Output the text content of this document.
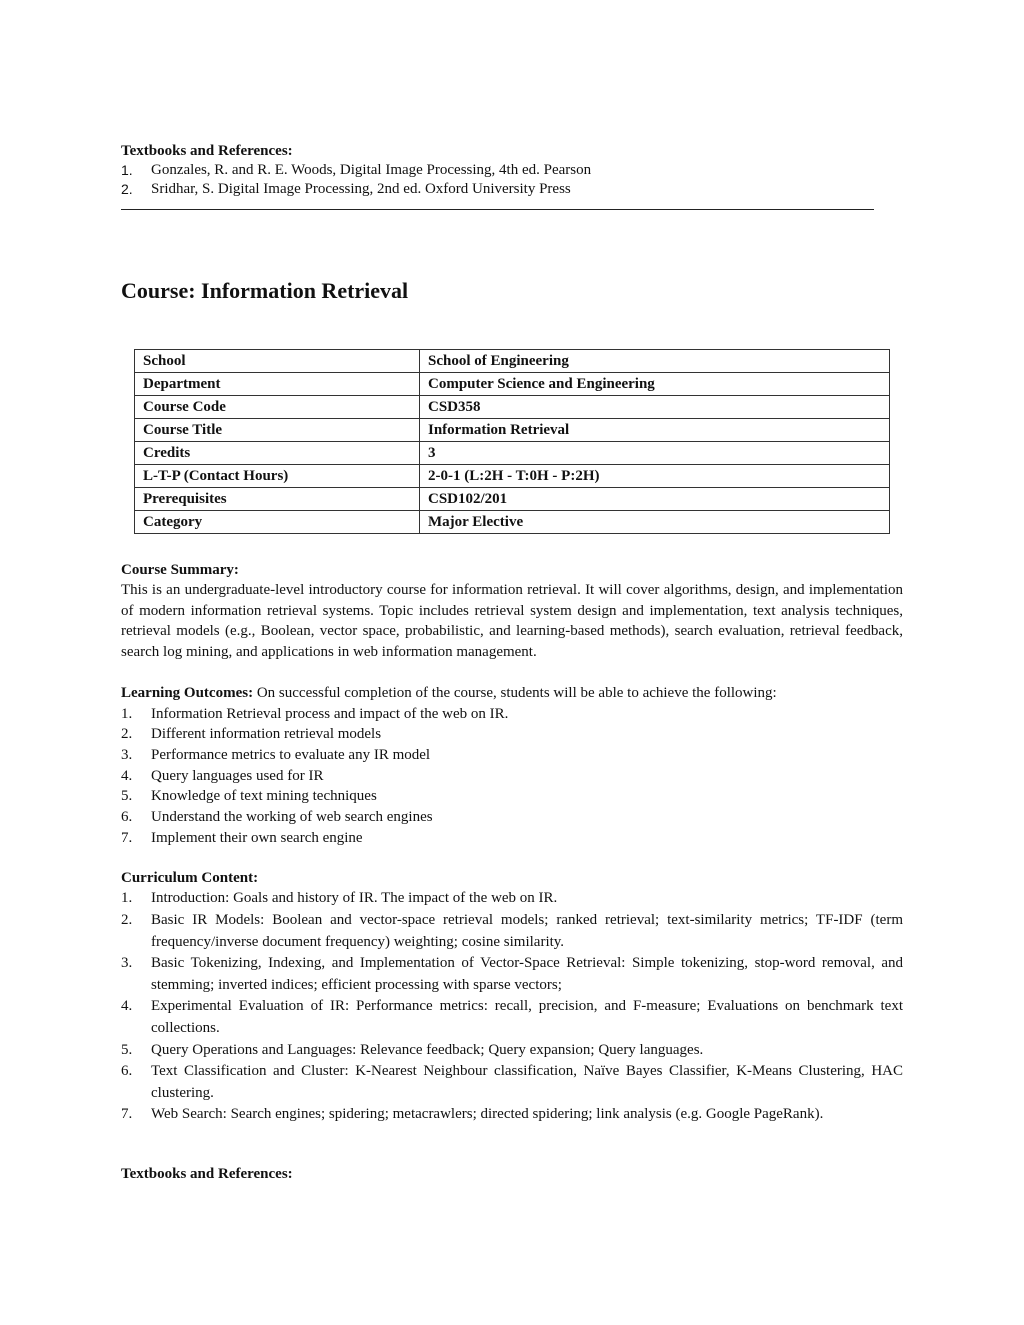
Textbooks and References:
1.	Gonzales, R. and R. E. Woods, Digital Image Processing, 4th ed. Pearson
2.	Sridhar, S. Digital Image Processing, 2nd ed. Oxford University Press
Course: Information Retrieval
School	School of Engineering
Department	Computer Science and Engineering
Course Code	CSD358
Course Title	Information Retrieval
Credits	3
L-T-P (Contact Hours)	2-0-1 (L:2H - T:0H - P:2H)
Prerequisites	CSD102/201
Category	Major Elective
Course Summary:
This is an undergraduate-level introductory course for information retrieval. It will cover algorithms, design, and implementation of modern information retrieval systems. Topic includes retrieval system design and implementation, text analysis techniques, retrieval models (e.g., Boolean, vector space, probabilistic, and learning-based methods), search evaluation, retrieval feedback, search log mining, and applications in web information management.
Learning Outcomes: On successful completion of the course, students will be able to achieve the following:
1.	Information Retrieval process and impact of the web on IR.
2.	Different information retrieval models
3.	Performance metrics to evaluate any IR model
4.	Query languages used for IR
5.	Knowledge of text mining techniques
6.	Understand the working of web search engines
7.	Implement their own search engine
Curriculum Content:
1.	Introduction: Goals and history of IR. The impact of the web on IR.
2.	Basic IR Models: Boolean and vector-space retrieval models; ranked retrieval; text-similarity metrics; TF-IDF (term frequency/inverse document frequency) weighting; cosine similarity.
3.	Basic Tokenizing, Indexing, and Implementation of Vector-Space Retrieval: Simple tokenizing, stop-word removal, and stemming; inverted indices; efficient processing with sparse vectors;
4.	Experimental Evaluation of IR: Performance metrics: recall, precision, and F-measure; Evaluations on benchmark text collections.
5.	Query Operations and Languages: Relevance feedback; Query expansion; Query languages.
6.	Text Classification and Cluster: K-Nearest Neighbour classification, Naïve Bayes Classifier, K-Means Clustering, HAC clustering.
7.	Web Search: Search engines; spidering; metacrawlers; directed spidering; link analysis (e.g. Google PageRank).
Textbooks and References:
